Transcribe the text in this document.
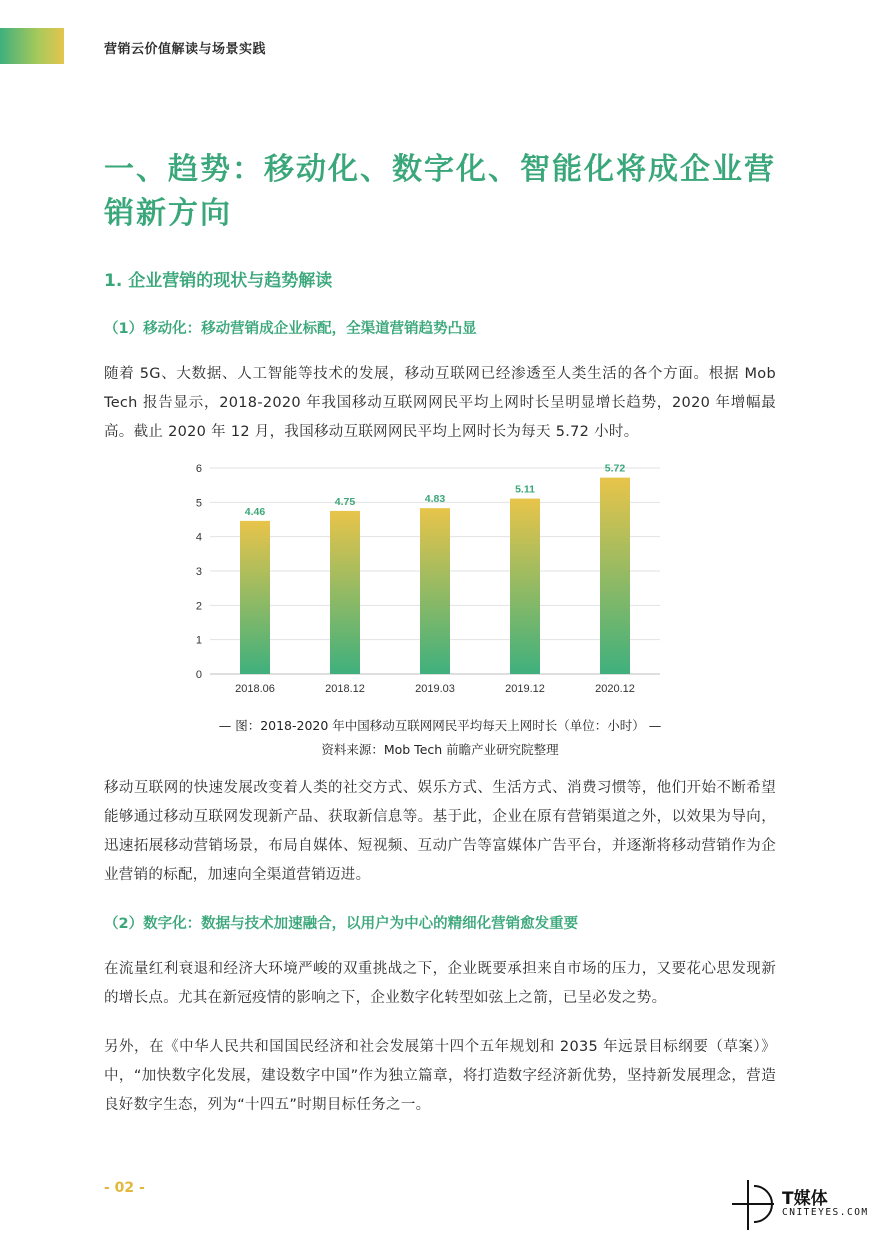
营销云价值解读与场景实践
一、趋势：移动化、数字化、智能化将成企业营销新方向
1. 企业营销的现状与趋势解读
（1）移动化：移动营销成企业标配，全渠道营销趋势凸显
随着 5G、大数据、人工智能等技术的发展，移动互联网已经渗透至人类生活的各个方面。根据 Mob Tech 报告显示，2018-2020 年我国移动互联网网民平均上网时长呈明显增长趋势，2020 年增幅最高。截止 2020 年 12 月，我国移动互联网网民平均上网时长为每天 5.72 小时。
0
1
2
3
4
5
6
4.46
4.75	4.83
5.11
5.72
2018.06	2018.12	2019.03	2019.12	2020.12
— 图：2018-2020 年中国移动互联网网民平均每天上网时长（单位：小时） —
资料来源：Mob Tech 前瞻产业研究院整理
移动互联网的快速发展改变着人类的社交方式、娱乐方式、生活方式、消费习惯等，他们开始不断希望能够通过移动互联网发现新产品、获取新信息等。基于此，企业在原有营销渠道之外，以效果为导向，迅速拓展移动营销场景，布局自媒体、短视频、互动广告等富媒体广告平台，并逐渐将移动营销作为企业营销的标配，加速向全渠道营销迈进。
（2）数字化：数据与技术加速融合，以用户为中心的精细化营销愈发重要
在流量红利衰退和经济大环境严峻的双重挑战之下，企业既要承担来自市场的压力，又要花心思发现新的增长点。尤其在新冠疫情的影响之下，企业数字化转型如弦上之箭，已呈必发之势。
另外，在《中华人民共和国国民经济和社会发展第十四个五年规划和 2035 年远景目标纲要（草案）》中，“加快数字化发展，建设数字中国”作为独立篇章，将打造数字经济新优势，坚持新发展理念，营造良好数字生态，列为“十四五”时期目标任务之一。
- 02 -
T媒体
CNITEYES.COM
